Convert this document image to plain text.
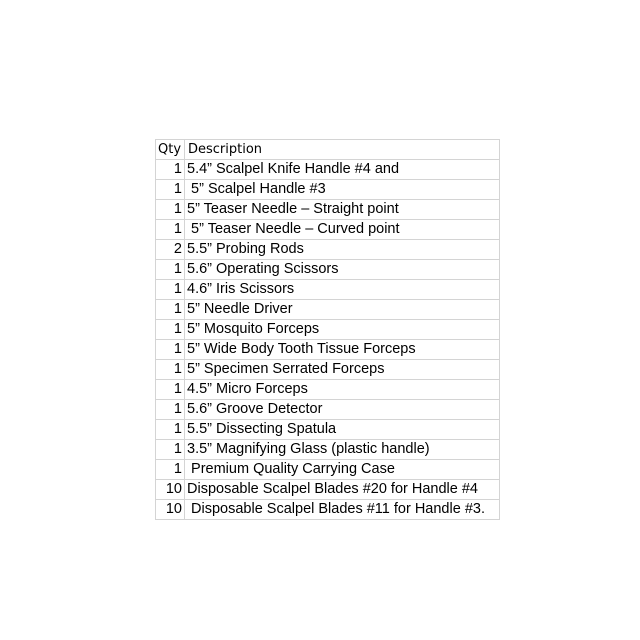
Qty	Description
1	5.4” Scalpel Knife Handle #4 and
1	5” Scalpel Handle #3
1	5” Teaser Needle – Straight point
1	5” Teaser Needle – Curved point
2	5.5” Probing Rods
1	5.6” Operating Scissors
1	4.6” Iris Scissors
1	5” Needle Driver
1	5” Mosquito Forceps
1	5” Wide Body Tooth Tissue Forceps
1	5” Specimen Serrated Forceps
1	4.5” Micro Forceps
1	5.6” Groove Detector
1	5.5” Dissecting Spatula
1	3.5” Magnifying Glass (plastic handle)
1	Premium Quality Carrying Case
10	Disposable Scalpel Blades #20 for Handle #4
10	Disposable Scalpel Blades #11 for Handle #3.
